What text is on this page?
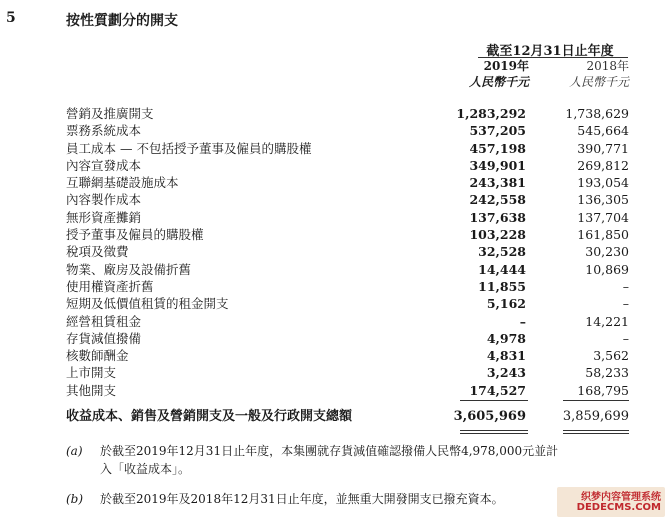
5	按性質劃分的開支
截至12月31日止年度
2019年
人民幣千元
2018年
人民幣千元
營銷及推廣開支	1,283,292	1,738,629
票務系統成本	537,205	545,664
員工成本 — 不包括授予董事及僱員的購股權	457,198	390,771
內容宣發成本	349,901	269,812
互聯網基礎設施成本	243,381	193,054
內容製作成本	242,558	136,305
無形資產攤銷	137,638	137,704
授予董事及僱員的購股權	103,228	161,850
稅項及徵費	32,528	30,230
物業、廠房及設備折舊	14,444	10,869
使用權資產折舊	11,855	–
短期及低價值租賃的租金開支	5,162	–
經營租賃租金	–	14,221
存貨減值撥備	4,978	–
核數師酬金	4,831	3,562
上市開支	3,243	58,233
其他開支	174,527	168,795
收益成本、銷售及營銷開支及一般及行政開支總額	3,605,969	3,859,699
(a) 於截至2019年12月31日止年度，本集團就存貨減值確認撥備人民幣4,978,000元並計
入「收益成本」。
(b) 於截至2019年及2018年12月31日止年度，並無重大開發開支已撥充資本。	织梦内容管理系统
DEDECMS.COM
